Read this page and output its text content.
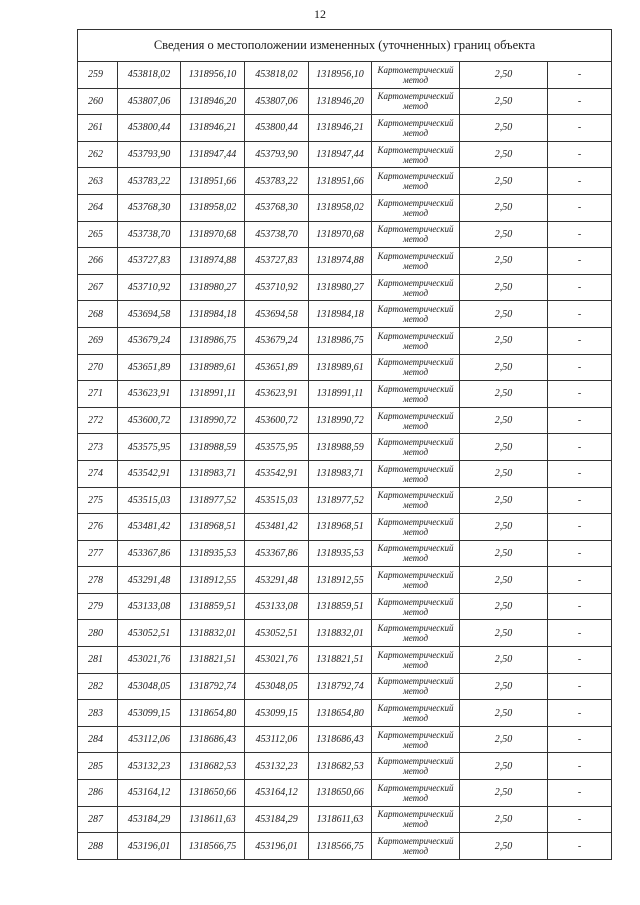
12
Сведения о местоположении измененных (уточненных) границ объекта							
259	453818,02	1318956,10	453818,02	1318956,10	Картометрический метод	2,50	-
260	453807,06	1318946,20	453807,06	1318946,20	Картометрический метод	2,50	-
261	453800,44	1318946,21	453800,44	1318946,21	Картометрический метод	2,50	-
262	453793,90	1318947,44	453793,90	1318947,44	Картометрический метод	2,50	-
263	453783,22	1318951,66	453783,22	1318951,66	Картометрический метод	2,50	-
264	453768,30	1318958,02	453768,30	1318958,02	Картометрический метод	2,50	-
265	453738,70	1318970,68	453738,70	1318970,68	Картометрический метод	2,50	-
266	453727,83	1318974,88	453727,83	1318974,88	Картометрический метод	2,50	-
267	453710,92	1318980,27	453710,92	1318980,27	Картометрический метод	2,50	-
268	453694,58	1318984,18	453694,58	1318984,18	Картометрический метод	2,50	-
269	453679,24	1318986,75	453679,24	1318986,75	Картометрический метод	2,50	-
270	453651,89	1318989,61	453651,89	1318989,61	Картометрический метод	2,50	-
271	453623,91	1318991,11	453623,91	1318991,11	Картометрический метод	2,50	-
272	453600,72	1318990,72	453600,72	1318990,72	Картометрический метод	2,50	-
273	453575,95	1318988,59	453575,95	1318988,59	Картометрический метод	2,50	-
274	453542,91	1318983,71	453542,91	1318983,71	Картометрический метод	2,50	-
275	453515,03	1318977,52	453515,03	1318977,52	Картометрический метод	2,50	-
276	453481,42	1318968,51	453481,42	1318968,51	Картометрический метод	2,50	-
277	453367,86	1318935,53	453367,86	1318935,53	Картометрический метод	2,50	-
278	453291,48	1318912,55	453291,48	1318912,55	Картометрический метод	2,50	-
279	453133,08	1318859,51	453133,08	1318859,51	Картометрический метод	2,50	-
280	453052,51	1318832,01	453052,51	1318832,01	Картометрический метод	2,50	-
281	453021,76	1318821,51	453021,76	1318821,51	Картометрический метод	2,50	-
282	453048,05	1318792,74	453048,05	1318792,74	Картометрический метод	2,50	-
283	453099,15	1318654,80	453099,15	1318654,80	Картометрический метод	2,50	-
284	453112,06	1318686,43	453112,06	1318686,43	Картометрический метод	2,50	-
285	453132,23	1318682,53	453132,23	1318682,53	Картометрический метод	2,50	-
286	453164,12	1318650,66	453164,12	1318650,66	Картометрический метод	2,50	-
287	453184,29	1318611,63	453184,29	1318611,63	Картометрический метод	2,50	-
288	453196,01	1318566,75	453196,01	1318566,75	Картометрический метод	2,50	-
